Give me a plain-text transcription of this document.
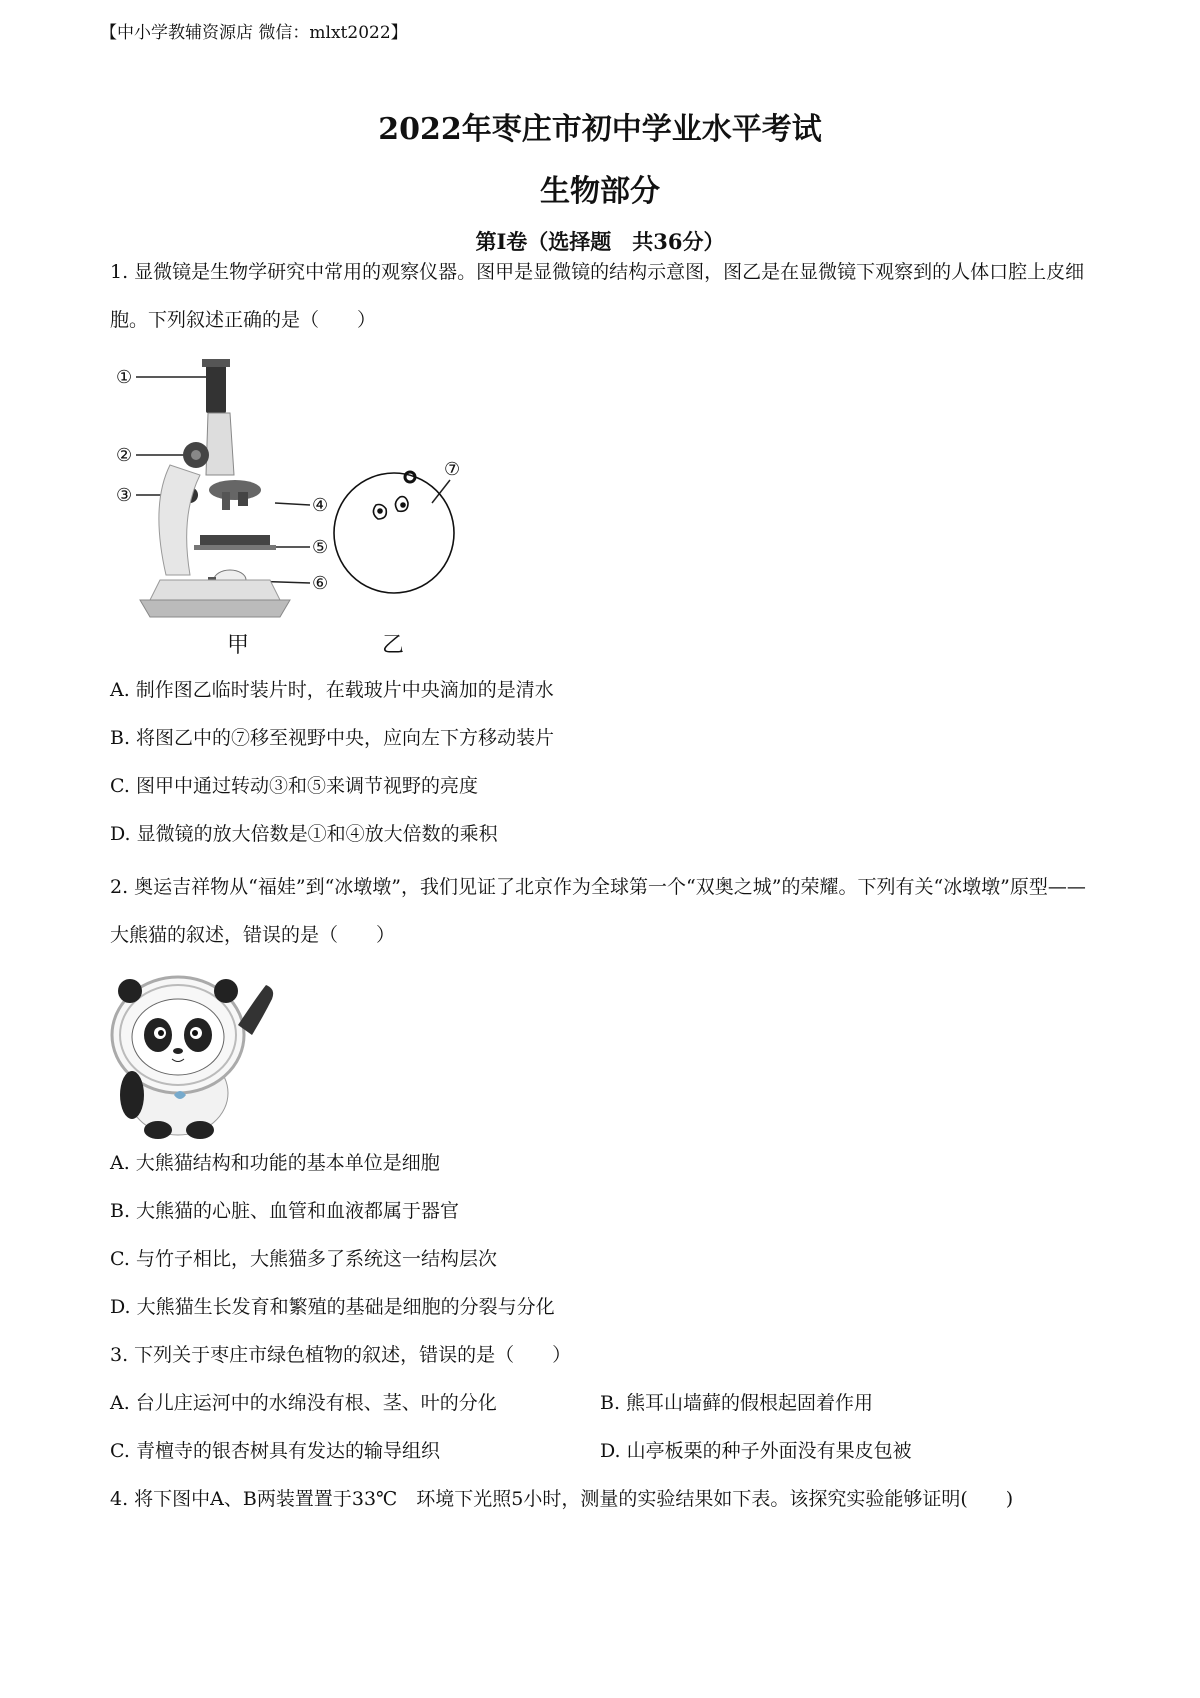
【中小学教辅资源店 微信：mlxt2022】
2022年枣庄市初中学业水平考试
生物部分
第Ⅰ卷（选择题　共36分）
1. 显微镜是生物学研究中常用的观察仪器。图甲是显微镜的结构示意图，图乙是在显微镜下观察到的人体口腔上皮细胞。下列叙述正确的是（　　）
①
②
③	④
⑤
⑥
⑦
甲	乙
A. 制作图乙临时装片时，在载玻片中央滴加的是清水
B. 将图乙中的⑦移至视野中央，应向左下方移动装片
C. 图甲中通过转动③和⑤来调节视野的亮度
D. 显微镜的放大倍数是①和④放大倍数的乘积
2. 奥运吉祥物从“福娃”到“冰墩墩”，我们见证了北京作为全球第一个“双奥之城”的荣耀。下列有关“冰墩墩”原型——大熊猫的叙述，错误的是（　　）
A. 大熊猫结构和功能的基本单位是细胞
B. 大熊猫的心脏、血管和血液都属于器官
C. 与竹子相比，大熊猫多了系统这一结构层次
D. 大熊猫生长发育和繁殖的基础是细胞的分裂与分化
3. 下列关于枣庄市绿色植物的叙述，错误的是（　　）
A. 台儿庄运河中的水绵没有根、茎、叶的分化	B. 熊耳山墙藓的假根起固着作用
C. 青檀寺的银杏树具有发达的输导组织	D. 山亭板栗的种子外面没有果皮包被
4. 将下图中A、B两装置置于33℃　环境下光照5小时，测量的实验结果如下表。该探究实验能够证明(　　)
